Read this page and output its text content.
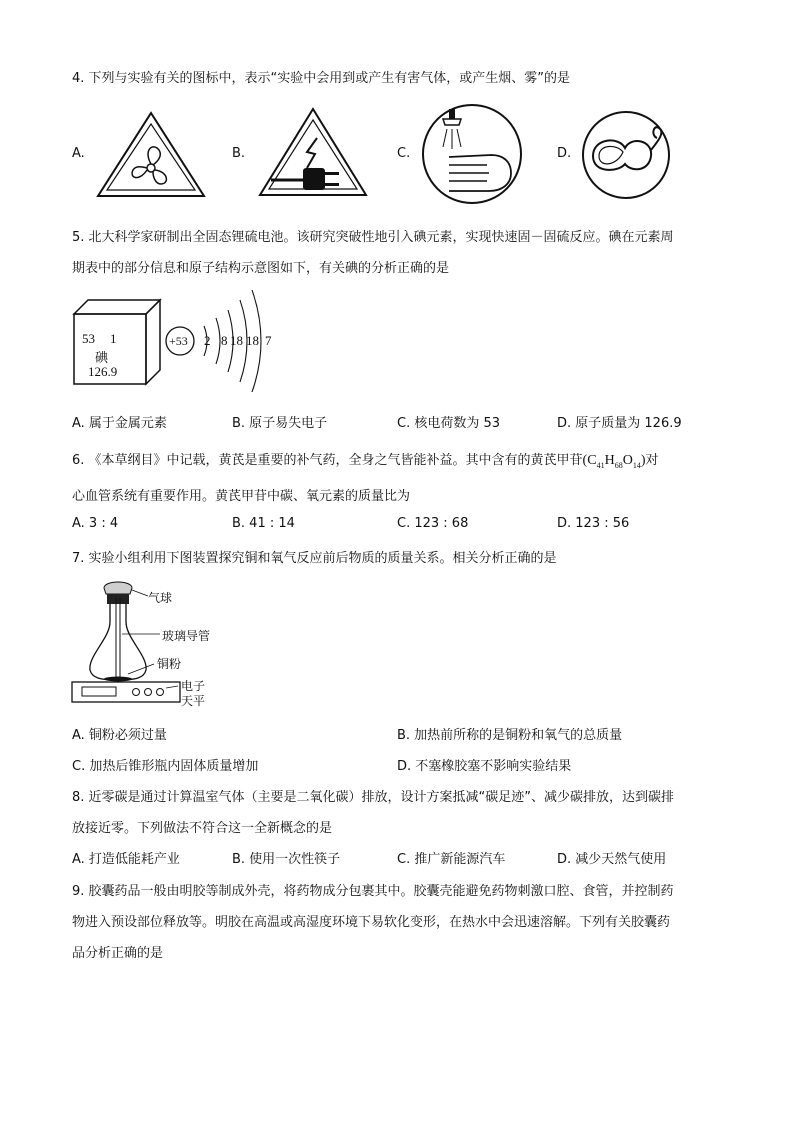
4. 下列与实验有关的图标中，表示“实验中会用到或产生有害气体，或产生烟、雾”的是
A.	B.	C.	D.
5. 北大科学家研制出全固态锂硫电池。该研究突破性地引入碘元素，实现快速固－固硫反应。碘在元素周
期表中的部分信息和原子结构示意图如下，有关碘的分析正确的是
53 1
碘
126.9
+53 2 8 18 18 7
A. 属于金属元素	B. 原子易失电子	C. 核电荷数为 53	D. 原子质量为 126.9
6. 《本草纲目》中记载，黄芪是重要的补气药，全身之气皆能补益。其中含有的黄芪甲苷$(C_{41}H_{68}O_{14})$对
心血管系统有重要作用。黄芪甲苷中碳、氧元素的质量比为
A. 3 : 4	B. 41 : 14	C. 123 : 68	D. 123 : 56
7. 实验小组利用下图装置探究铜和氧气反应前后物质的质量关系。相关分析正确的是
气球
玻璃导管
铜粉
电子
天平
A. 铜粉必须过量	B. 加热前所称的是铜粉和氧气的总质量
C. 加热后锥形瓶内固体质量增加	D. 不塞橡胶塞不影响实验结果
8. 近零碳是通过计算温室气体（主要是二氧化碳）排放，设计方案抵减“碳足迹”、减少碳排放，达到碳排
放接近零。下列做法不符合这一全新概念的是
A. 打造低能耗产业	B. 使用一次性筷子	C. 推广新能源汽车	D. 减少天然气使用
9. 胶囊药品一般由明胶等制成外壳，将药物成分包裹其中。胶囊壳能避免药物刺激口腔、食管，并控制药
物进入预设部位释放等。明胶在高温或高湿度环境下易软化变形，在热水中会迅速溶解。下列有关胶囊药
品分析正确的是
